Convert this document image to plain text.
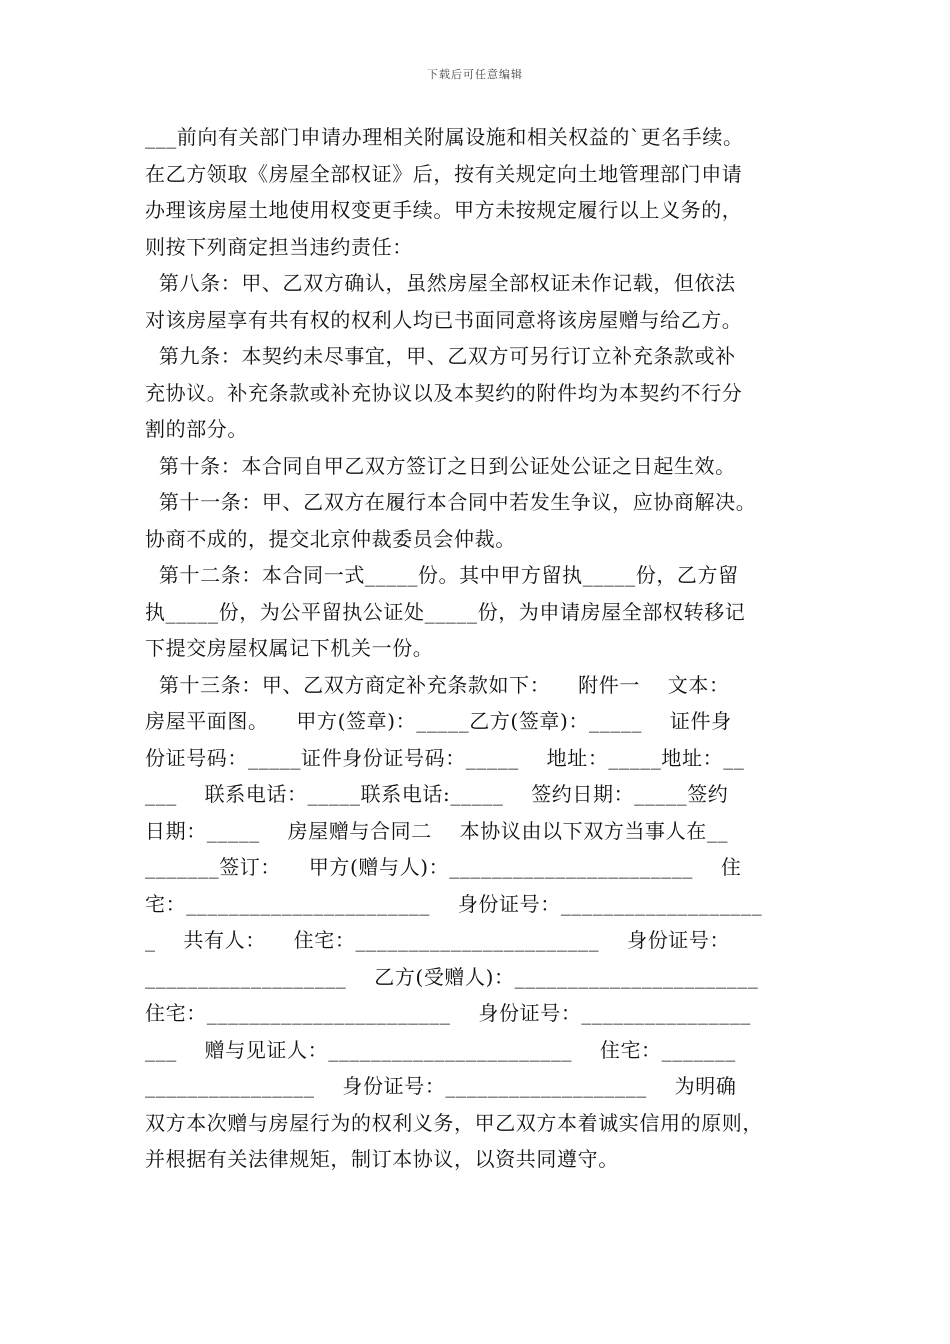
下载后可任意编辑
___前向有关部门申请办理相关附属设施和相关权益的`更名手续。
在乙方领取《房屋全部权证》后，按有关规定向土地管理部门申请
办理该房屋土地使用权变更手续。甲方未按规定履行以上义务的，
则按下列商定担当违约责任：
第八条：甲、乙双方确认，虽然房屋全部权证未作记载，但依法
对该房屋享有共有权的权利人均已书面同意将该房屋赠与给乙方。
第九条：本契约未尽事宜，甲、乙双方可另行订立补充条款或补
充协议。补充条款或补充协议以及本契约的附件均为本契约不行分
割的部分。
第十条：本合同自甲乙双方签订之日到公证处公证之日起生效。
第十一条：甲、乙双方在履行本合同中若发生争议，应协商解决。
协商不成的，提交北京仲裁委员会仲裁。
第十二条：本合同一式_____份。其中甲方留执_____份，乙方留
执_____份，为公平留执公证处_____份，为申请房屋全部权转移记
下提交房屋权属记下机关一份。
第十三条：甲、乙双方商定补充条款如下：    附件一    文本：
房屋平面图。    甲方(签章)：_____乙方(签章)：_____    证件身
份证号码：_____证件身份证号码：_____    地址：_____地址：__
___    联系电话：_____联系电话:_____    签约日期：_____签约
日期：_____    房屋赠与合同二    本协议由以下双方当事人在__
_______签订：    甲方(赠与人)：_______________________    住
宅：_______________________    身份证号：___________________
_    共有人：    住宅：_______________________    身份证号：
___________________    乙方(受赠人)：_______________________
住宅：_______________________    身份证号：________________
___    赠与见证人：_______________________    住宅：_______
________________    身份证号：___________________    为明确
双方本次赠与房屋行为的权利义务，甲乙双方本着诚实信用的原则，
并根据有关法律规矩，制订本协议，以资共同遵守。
